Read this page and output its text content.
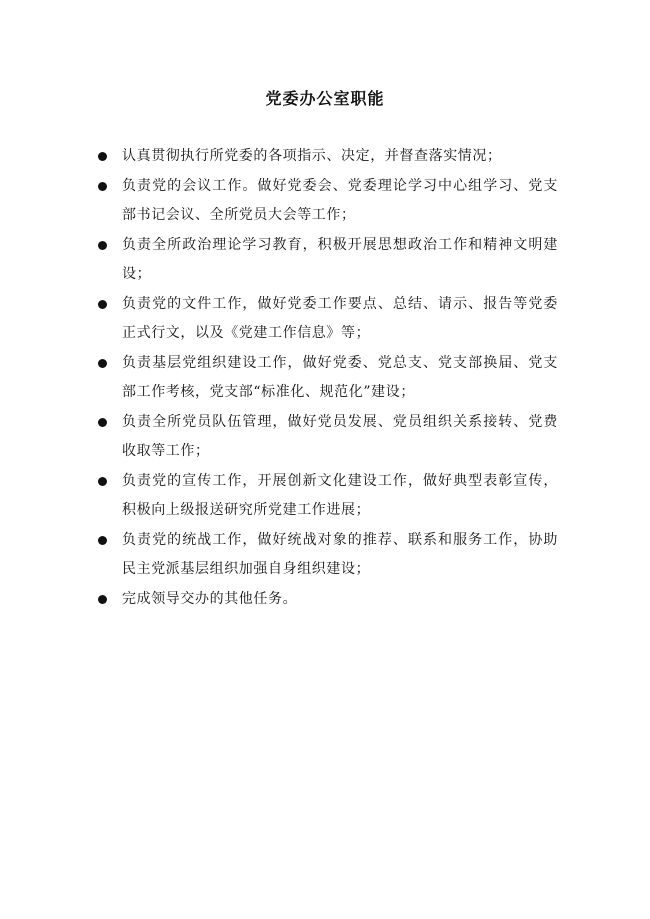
党委办公室职能
认真贯彻执行所党委的各项指示、决定，并督查落实情况；
负责党的会议工作。做好党委会、党委理论学习中心组学习、党支部书记会议、全所党员大会等工作；
负责全所政治理论学习教育，积极开展思想政治工作和精神文明建设；
负责党的文件工作，做好党委工作要点、总结、请示、报告等党委正式行文，以及《党建工作信息》等；
负责基层党组织建设工作，做好党委、党总支、党支部换届、党支部工作考核，党支部“标准化、规范化”建设；
负责全所党员队伍管理，做好党员发展、党员组织关系接转、党费收取等工作；
负责党的宣传工作，开展创新文化建设工作，做好典型表彰宣传，积极向上级报送研究所党建工作进展；
负责党的统战工作，做好统战对象的推荐、联系和服务工作，协助民主党派基层组织加强自身组织建设；
完成领导交办的其他任务。
